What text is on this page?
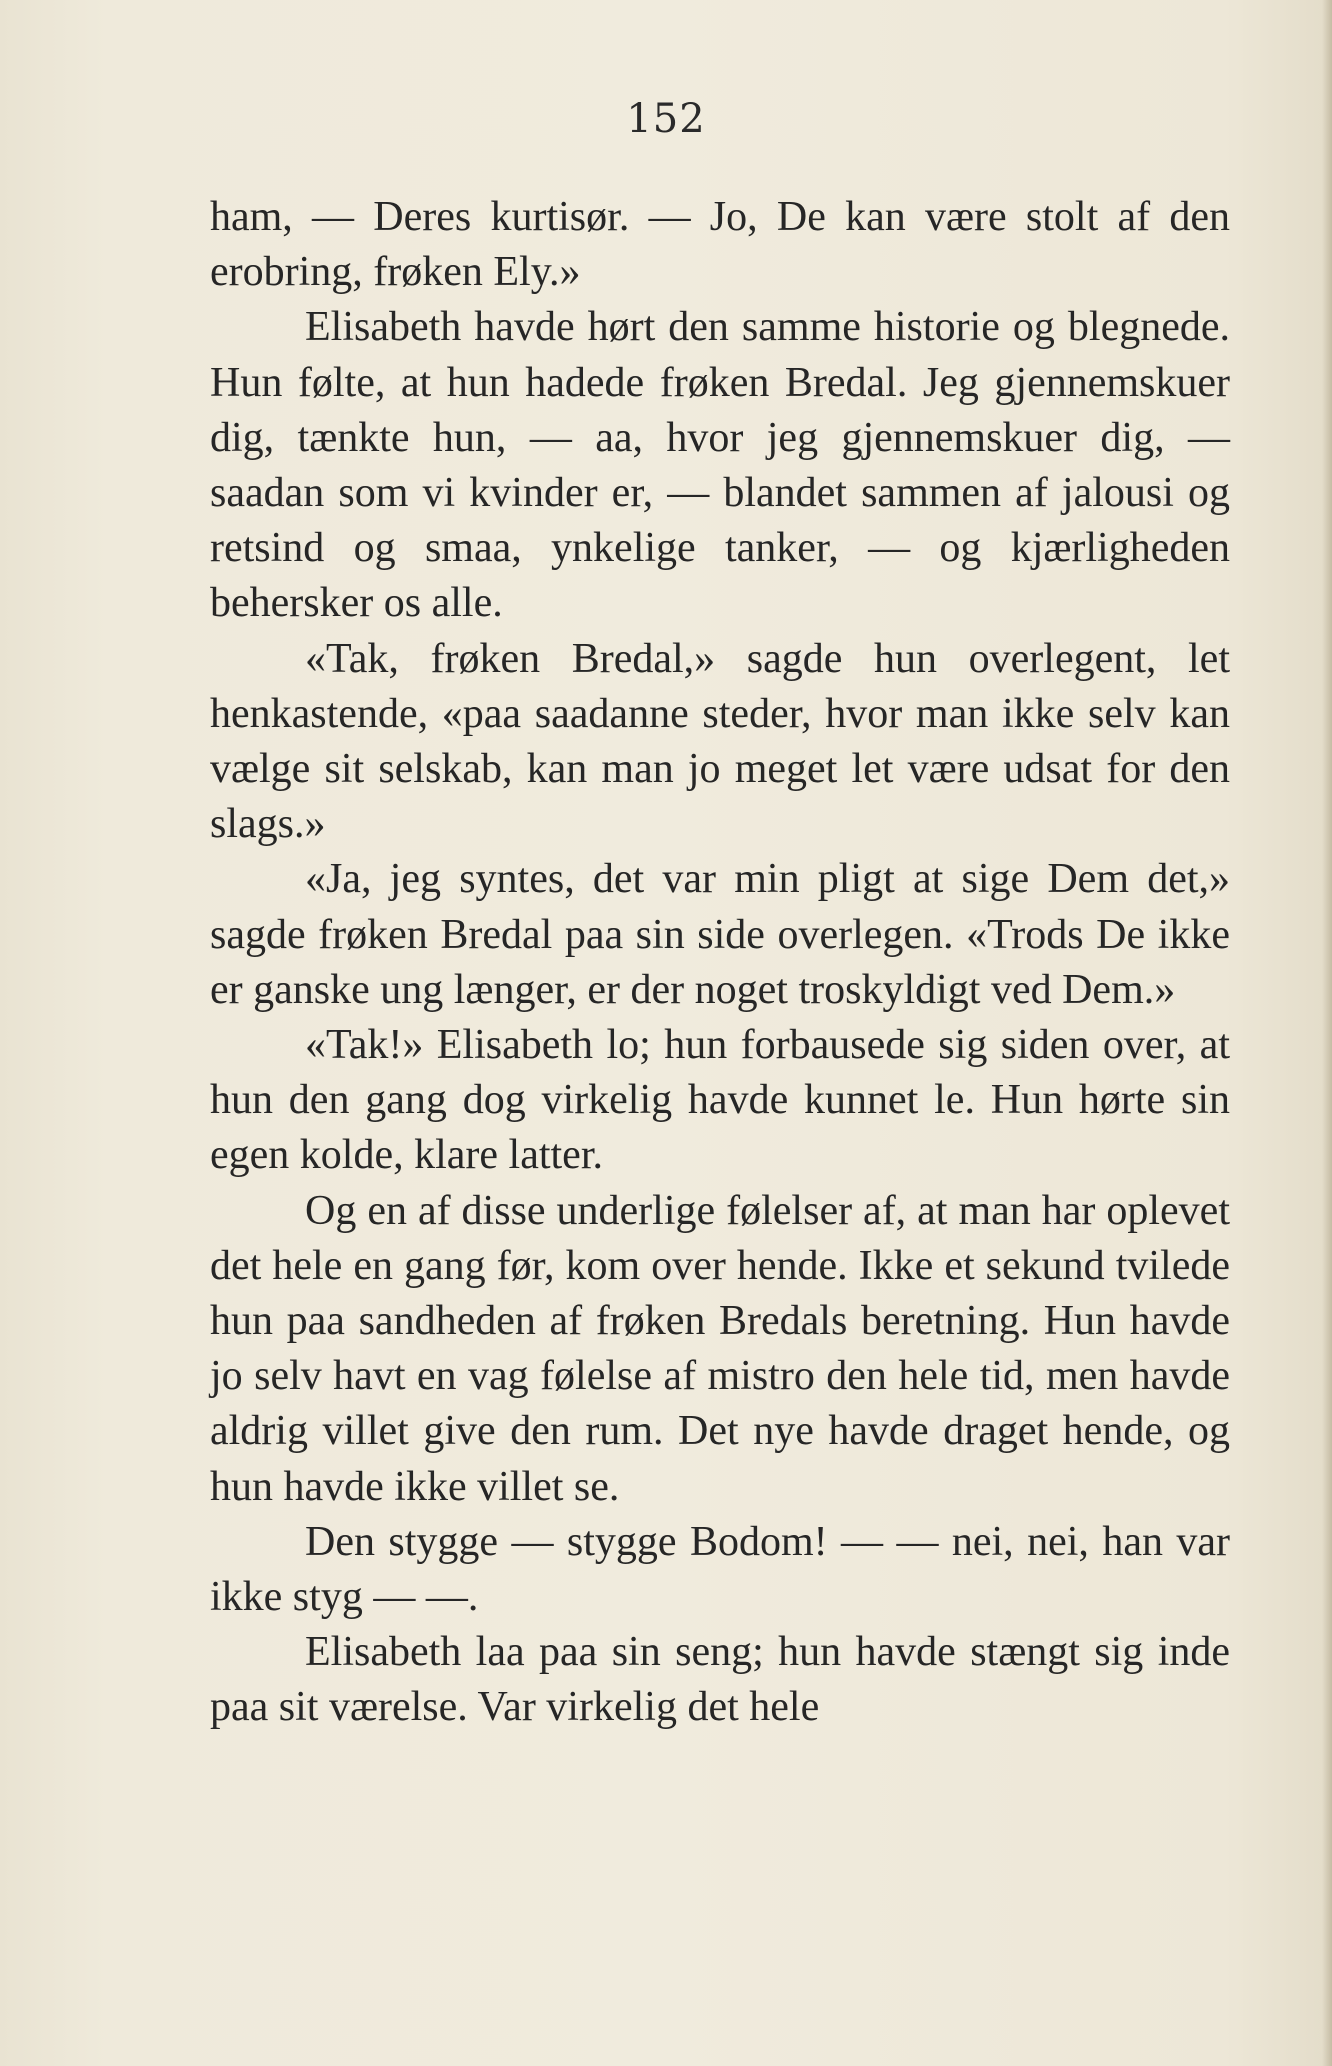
152

ham, — Deres kurtisør. — Jo, De kan være stolt af den erobring, frøken Ely.»

Elisabeth havde hørt den samme historie og blegnede. Hun følte, at hun hadede frøken Bredal. Jeg gjennemskuer dig, tænkte hun, — aa, hvor jeg gjennemskuer dig, — saadan som vi kvinder er, — blandet sammen af jalousi og retsind og smaa, ynkelige tanker, — og kjærligheden behersker os alle.

«Tak, frøken Bredal,» sagde hun overlegent, let henkastende, «paa saadanne steder, hvor man ikke selv kan vælge sit selskab, kan man jo meget let være udsat for den slags.»

«Ja, jeg syntes, det var min pligt at sige Dem det,» sagde frøken Bredal paa sin side overlegen. «Trods De ikke er ganske ung længer, er der noget troskyldigt ved Dem.»

«Tak!» Elisabeth lo; hun forbausede sig siden over, at hun den gang dog virkelig havde kunnet le. Hun hørte sin egen kolde, klare latter.

Og en af disse underlige følelser af, at man har oplevet det hele en gang før, kom over hende. Ikke et sekund tvilede hun paa sandheden af frøken Bredals beretning. Hun havde jo selv havt en vag følelse af mistro den hele tid, men havde aldrig villet give den rum. Det nye havde draget hende, og hun havde ikke villet se.

Den stygge — stygge Bodom! — — nei, nei, han var ikke styg — —.

Elisabeth laa paa sin seng; hun havde stængt sig inde paa sit værelse. Var virkelig det hele
